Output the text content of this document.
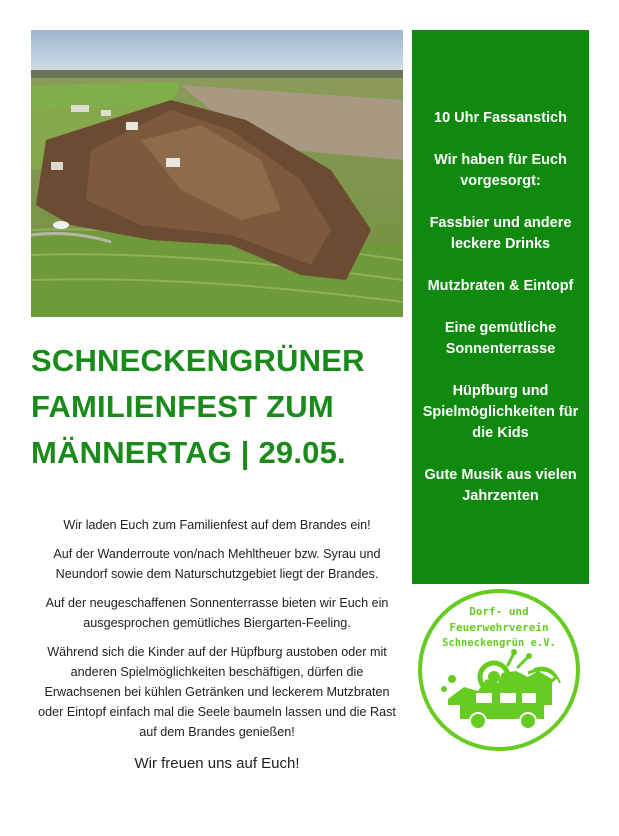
10 Uhr Fassanstich
Wir haben für Euch vorgesorgt:
Fassbier und andere leckere Drinks
Mutzbraten & Eintopf
Eine gemütliche Sonnenterrasse
Hüpfburg und Spielmöglichkeiten für die Kids
Gute Musik aus vielen Jahrzenten
SCHNECKENGRÜNER
FAMILIENFEST ZUM
MÄNNERTAG | 29.05.

Wir laden Euch zum Familienfest auf dem Brandes ein!

Auf der Wanderroute von/nach Mehltheuer bzw. Syrau und Neundorf sowie dem Naturschutzgebiet liegt der Brandes.

Auf der neugeschaffenen Sonnenterrasse bieten wir Euch ein ausgesprochen gemütliches Biergarten-Feeling.

Während sich die Kinder auf der Hüpfburg austoben oder mit anderen Spielmöglichkeiten beschäftigen, dürfen die Erwachsenen bei kühlen Getränken und leckerem Mutzbraten oder Eintopf einfach mal die Seele baumeln lassen und die Rast auf dem Brandes genießen!

Wir freuen uns auf Euch!

Dorf- und
Feuerwehrverein
Schneckengrün e.V.
